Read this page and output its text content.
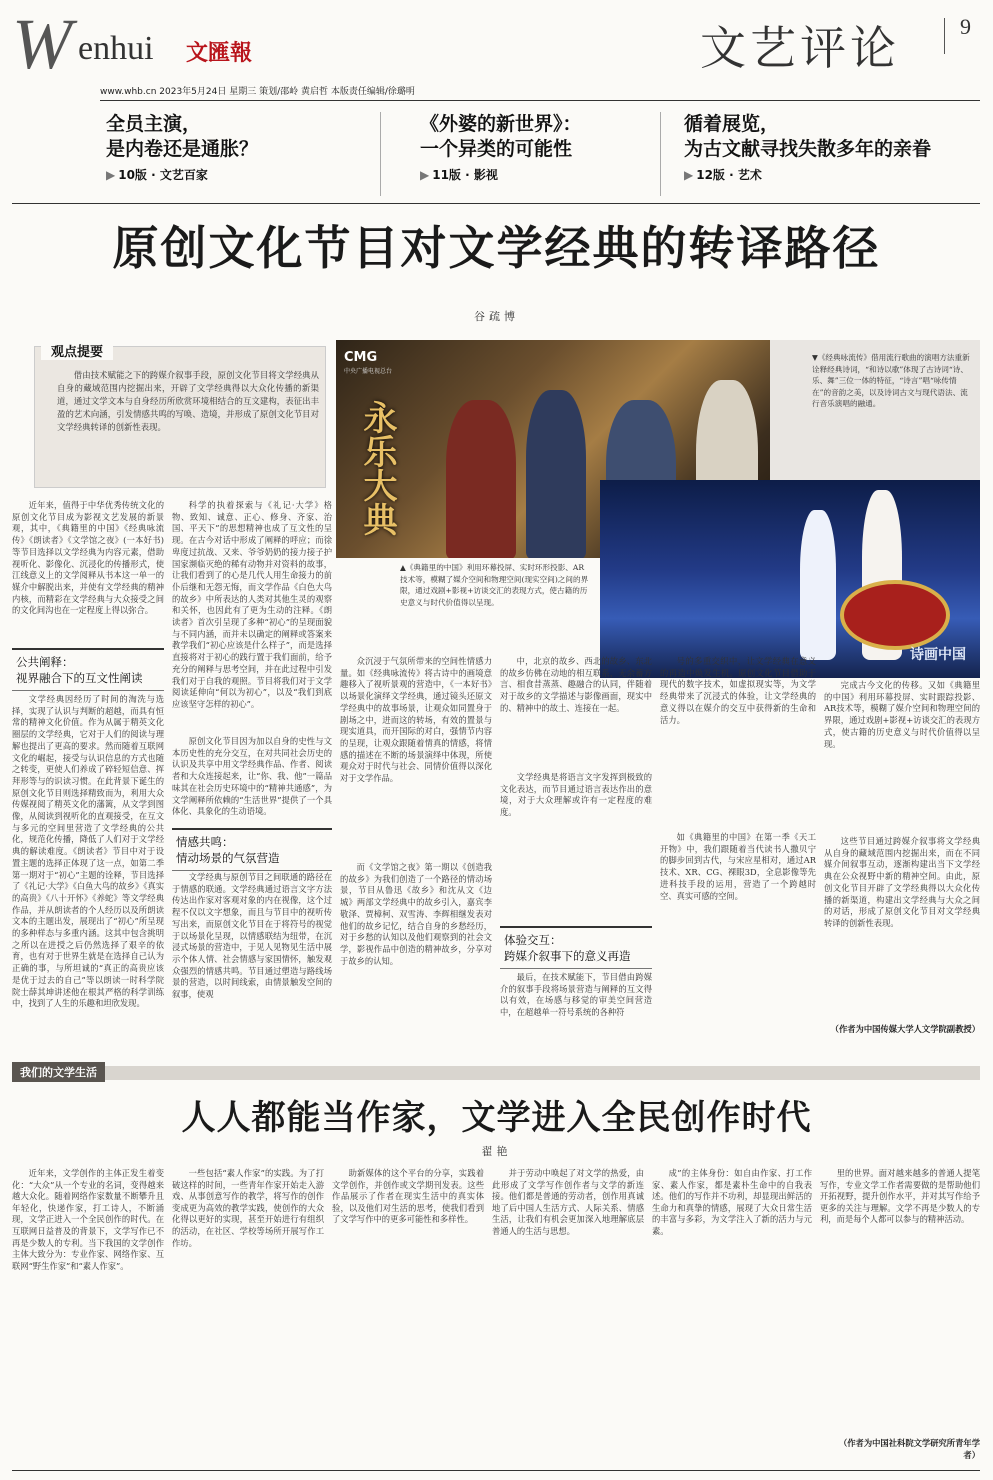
W enhui 文匯報	文艺评论	9
www.whb.cn 2023年5月24日 星期三 策划/邵岭 黄启哲 本版责任编辑/徐璐明
全员主演，
是内卷还是通胀？
▶ 10版 · 文艺百家
《外婆的新世界》：
一个异类的可能性
▶ 11版 · 影视
循着展览，
为古文献寻找失散多年的亲眷
▶ 12版 · 艺术
原创文化节目对文学经典的转译路径
谷疏博
观点提要
借由技术赋能之下的跨媒介叙事手段，原创文化节目将文学经典从自身的藏域范围内挖掘出来，开辟了文学经典得以大众化传播的新渠道，通过文学文本与自身经历所欣赏环境相结合的互文建构，表征出丰盈的艺术向涵，引发情感共鸣的写唤、造境，并形成了原创文化节目对文学经典转译的创新性表现。
CMG
中央广播电视总台
永乐大典
▼《经典咏流传》借用流行歌曲的演唱方法重新诠释经典诗词，“和诗以歌”体现了古诗词“诗、乐、舞”三位一体的特征，“诗言”唱“咏传情在”的音韵之美，以及诗词古文与现代语法、流行音乐演唱的融通。
诗画中国
▲《典籍里的中国》利用环幕投屏、实时环形投影、AR技术等，模糊了媒介空间和物理空间(现实空间)之间的界限，通过戏剧+影视+访谈交汇的表现方式，使古籍的历史意义与时代价值得以呈现。
近年来，值得于中华优秀传统文化的原创文化节目成为影视文艺发展的新景观，其中，《典籍里的中国》《经典咏流传》《朗读者》《文学馆之夜》(一本好书)等节目选择以文学经典为内容元素，借助视听化、影像化、沉浸化的传播形式，使江线意义上的文学阅释从书本这一单一的媒介中解脱出来，并使有文学经典的精神内核，而精彩在文学经典与大众接受之间的文化间沟也在一定程度上得以弥合。
公共阐释：
视界融合下的互文性阐读
文学经典因经历了时间的淘洗与选择，实现了认识与判断的超越，而具有恒常的精神文化价值。作为从属于精英文化圈层的文学经典，它对于人们的阅读与理解也提出了更高的要求。然而随着互联网文化的崛起，接受与认识信息的方式也随之转变，更使人们养成了碎轻短信意、挥拜形等与的识读习惯。在此背景下诞生的原创文化节目则选择精致而为，利用大众传媒视阅了精英文化的藩篱，从文学到图像，从阅读到视听化的直观接受，在互文与多元的空间里营造了文学经典的公共化，规范化传播，降低了人们对于文学经典的解读难度。《朗读者》节目中对于设置主题的选择正体现了这一点，如第二季第一期对于“初心”主题的诠释，节目选择了《礼记·大学》《白鱼大鸟的故乡》《真实的高贵》《八十开怀》《养蛇》等文学经典作品，并从朗读者的个人经历以及所朗读文本的主题出发，展现出了“初心”所呈现的多种样态与多重内涵。这其中包含挑明之所以在进授之后仍然选择了艰辛的依育，也有对于世界生就是在选择自己认为正确的事，与所坦诚的“真正的高贵应该是优于过去的自己”等以朗读一时科学院院士薛其坤讲述他在根其严格的科学训练中，找到了人生的乐趣和坦欣发现。
科学的执着探索与《礼记·大学》格物、致知、诚意、正心、修身、齐家、治国、平天下”的思想精神也成了互文性的呈现。在古今对话中形成了阐释的呼应；而徐卑度过抗战、又来、爷爷奶奶的接力接子护国家濒临灭绝的稀有动物并对资料的故事，让我们看到了的心是几代人用生命接力的前仆后继和无怨无悔，而文学作品《白色大鸟的故乡》中所表达的人类对其他生灵的观察和关怀，也因此有了更为生动的注释。《朗读者》首次引呈现了多种“初心”的呈现面貌与不同内涵，而并未以确定的阐释或答案来教学我们“初心应该是什么样子”，而是选择直接将对于初心的践行置于我们面前，给予充分的阐释与思考空间，并在此过程中引发我们对于自我的观照。节目将我们对于文学阅读延伸向“何以为初心”，以及“我们到底应该坚守怎样的初心”。
原创文化节目因为加以自身的史性与文本历史性的充分交互，在对共同社会历史的认识及共享中用文学经典作品、作者、阅读者和大众连接起来，让“你、我、他”一篇品味其在社会历史环境中的“精神共通感”，为文学阐释所依赖的“生活世界”提供了一个具体化、具象化的生动语境。
情感共鸣：
情动场景的气氛营造
文学经典与原创节目之间联通的路径在于情感的联通。文学经典通过语言文字方法传达出作家对客观对象的内在视像，这个过程不仅以文字想象，而且与节目中的视听传写出来，而原创文化节目在于将符号的视觉于以场景化呈现，以情感联结为纽带，在沉浸式场景的营造中，于见人见物见生活中展示个体人情、社会情感与家国情怀，触发观众强烈的情感共鸣。节目通过塑造与路线场景的营造，以时间线索，由情景触发空间的叙事，使观
众沉浸于气氛所带来的空间性情感力量。如《经典咏流传》将古诗中的画境意趣移入了视听景观的营造中，《一本好书》以场景化演绎文学经典，通过镜头还原文学经典中的故事场景，让观众如同置身于剧场之中，进而这的转场，有效的置景与现实道具，而开国际的对白，强情节内容的呈现，让观众跟随着情真的情感，将情感的描述在不断的场景演绎中体现，所使观众对于时代与社会、同情价值得以深化对于文学作品。
而《文学馆之夜》第一期以《创造我的故乡》为我们创造了一个路径的情动场景，节目从鲁迅《故乡》和沈从文《边城》两部文学经典中的故乡引入，嘉宾李敬泽、贾樟柯、双雪涛、李辉相继发表对他们的故乡记忆，结合自身的乡愁经历，对于乡愁的认知以及他们观察到的社会文学，影视作品中创造的精神故乡，分享对于故乡的认知。
中，北京的故乡、西北的故乡、东北的故乡仿佛在动地的相互联系，无余蓄方言、相食昔蒸蒸、趣融合的认同，伴随着对于故乡的文学描述与影像画面，现实中的、精神中的故土、连接在一起。
文学经典是将语言文字发挥到极致的文化表达，而节目通过语言表达作出的意境，对于大众理解或许有一定程度的难度。
体验交互：
跨媒介叙事下的意义再造
最后，在技术赋能下，节目借由跨媒介的叙事手段将场景营造与阐释的互文得以有效，在场感与移觉的审美空间营造中，在超越单一符号系统的各种符
号的多重交织中，让文学经典在意义的再造中焕发生机。原创文化节目借助于现代的数字技术，如虚拟现实等，为文学经典带来了沉浸式的体验，让文学经典的意义得以在媒介的交互中获得新的生命和活力。
如《典籍里的中国》在第一季《天工开物》中，我们跟随着当代读书人撒贝宁的脚步回到古代，与宋应星相对，通过AR技术、XR、CG、裸眼3D，全息影像等先进科技手段的运用，营造了一个跨越时空、真实可感的空间。
完成古今文化的传移。又如《典籍里的中国》利用环幕投屏、实时跟踪投影、AR技术等，模糊了媒介空间和物理空间的界限，通过戏剧+影视+访谈交汇的表现方式，使古籍的历史意义与时代价值得以呈现。
这些节目通过跨媒介叙事将文学经典从自身的藏域范围内挖掘出来，而在不同媒介间叙事互动，逐渐构建出当下文学经典在公众视野中新的精神空间。由此，原创文化节目开辟了文学经典得以大众化传播的新渠道，构建出文学经典与大众之间的对话，形成了原创文化节目对文学经典转译的创新性表现。
（作者为中国传媒大学人文学院副教授）
我们的文学生活
人人都能当作家，文学进入全民创作时代
翟艳
近年来，文学创作的主体正发生着变化：“大众”从一个专业的名词，变得越来越大众化。随着网络作家数量不断攀升且年轻化，快递作家，打工诗人，不断涌现，文学正进入一个全民创作的时代。在互联网日益普及的背景下，文学写作已不再是少数人的专利。当下我国的文学创作主体大致分为：专业作家、网络作家、互联网“野生作家”和“素人作家”。
一些包括“素人作家”的实践。为了打破这样的时间，一些青年作家开始走入游戏、从事创意写作的教学，将写作的创作变成更为高效的教学实践，使创作的大众化得以更好的实现，甚至开始进行有组织的活动，在社区、学校等场所开展写作工作坊。
助新媒体的这个平台的分享，实践着文学创作，并创作或文学期刊发表。这些作品展示了作者在现实生活中的真实体验，以及他们对生活的思考，使我们看到了文学写作中的更多可能性和多样性。
并于劳动中唤起了对文学的热爱，由此形成了文学写作创作者与文学的新连接。他们都是普通的劳动者，创作用真诚地了后中国人生活方式、人际关系、情感生活，让我们有机会更加深入地理解底层普通人的生活与思想。
成”的主体身份：如自由作家、打工作家、素人作家，都是素朴生命中的自我表述。他们的写作并不功利，却显现出鲜活的生命力和真挚的情感，展现了大众日常生活的丰富与多彩，为文学注入了新的活力与元素。
里的世界。面对越来越多的普通人提笔写作，专业文学工作者需要做的是帮助他们开拓视野，提升创作水平，并对其写作给予更多的关注与理解。文学不再是少数人的专利，而是每个人都可以参与的精神活动。
（作者为中国社科院文学研究所青年学者）
